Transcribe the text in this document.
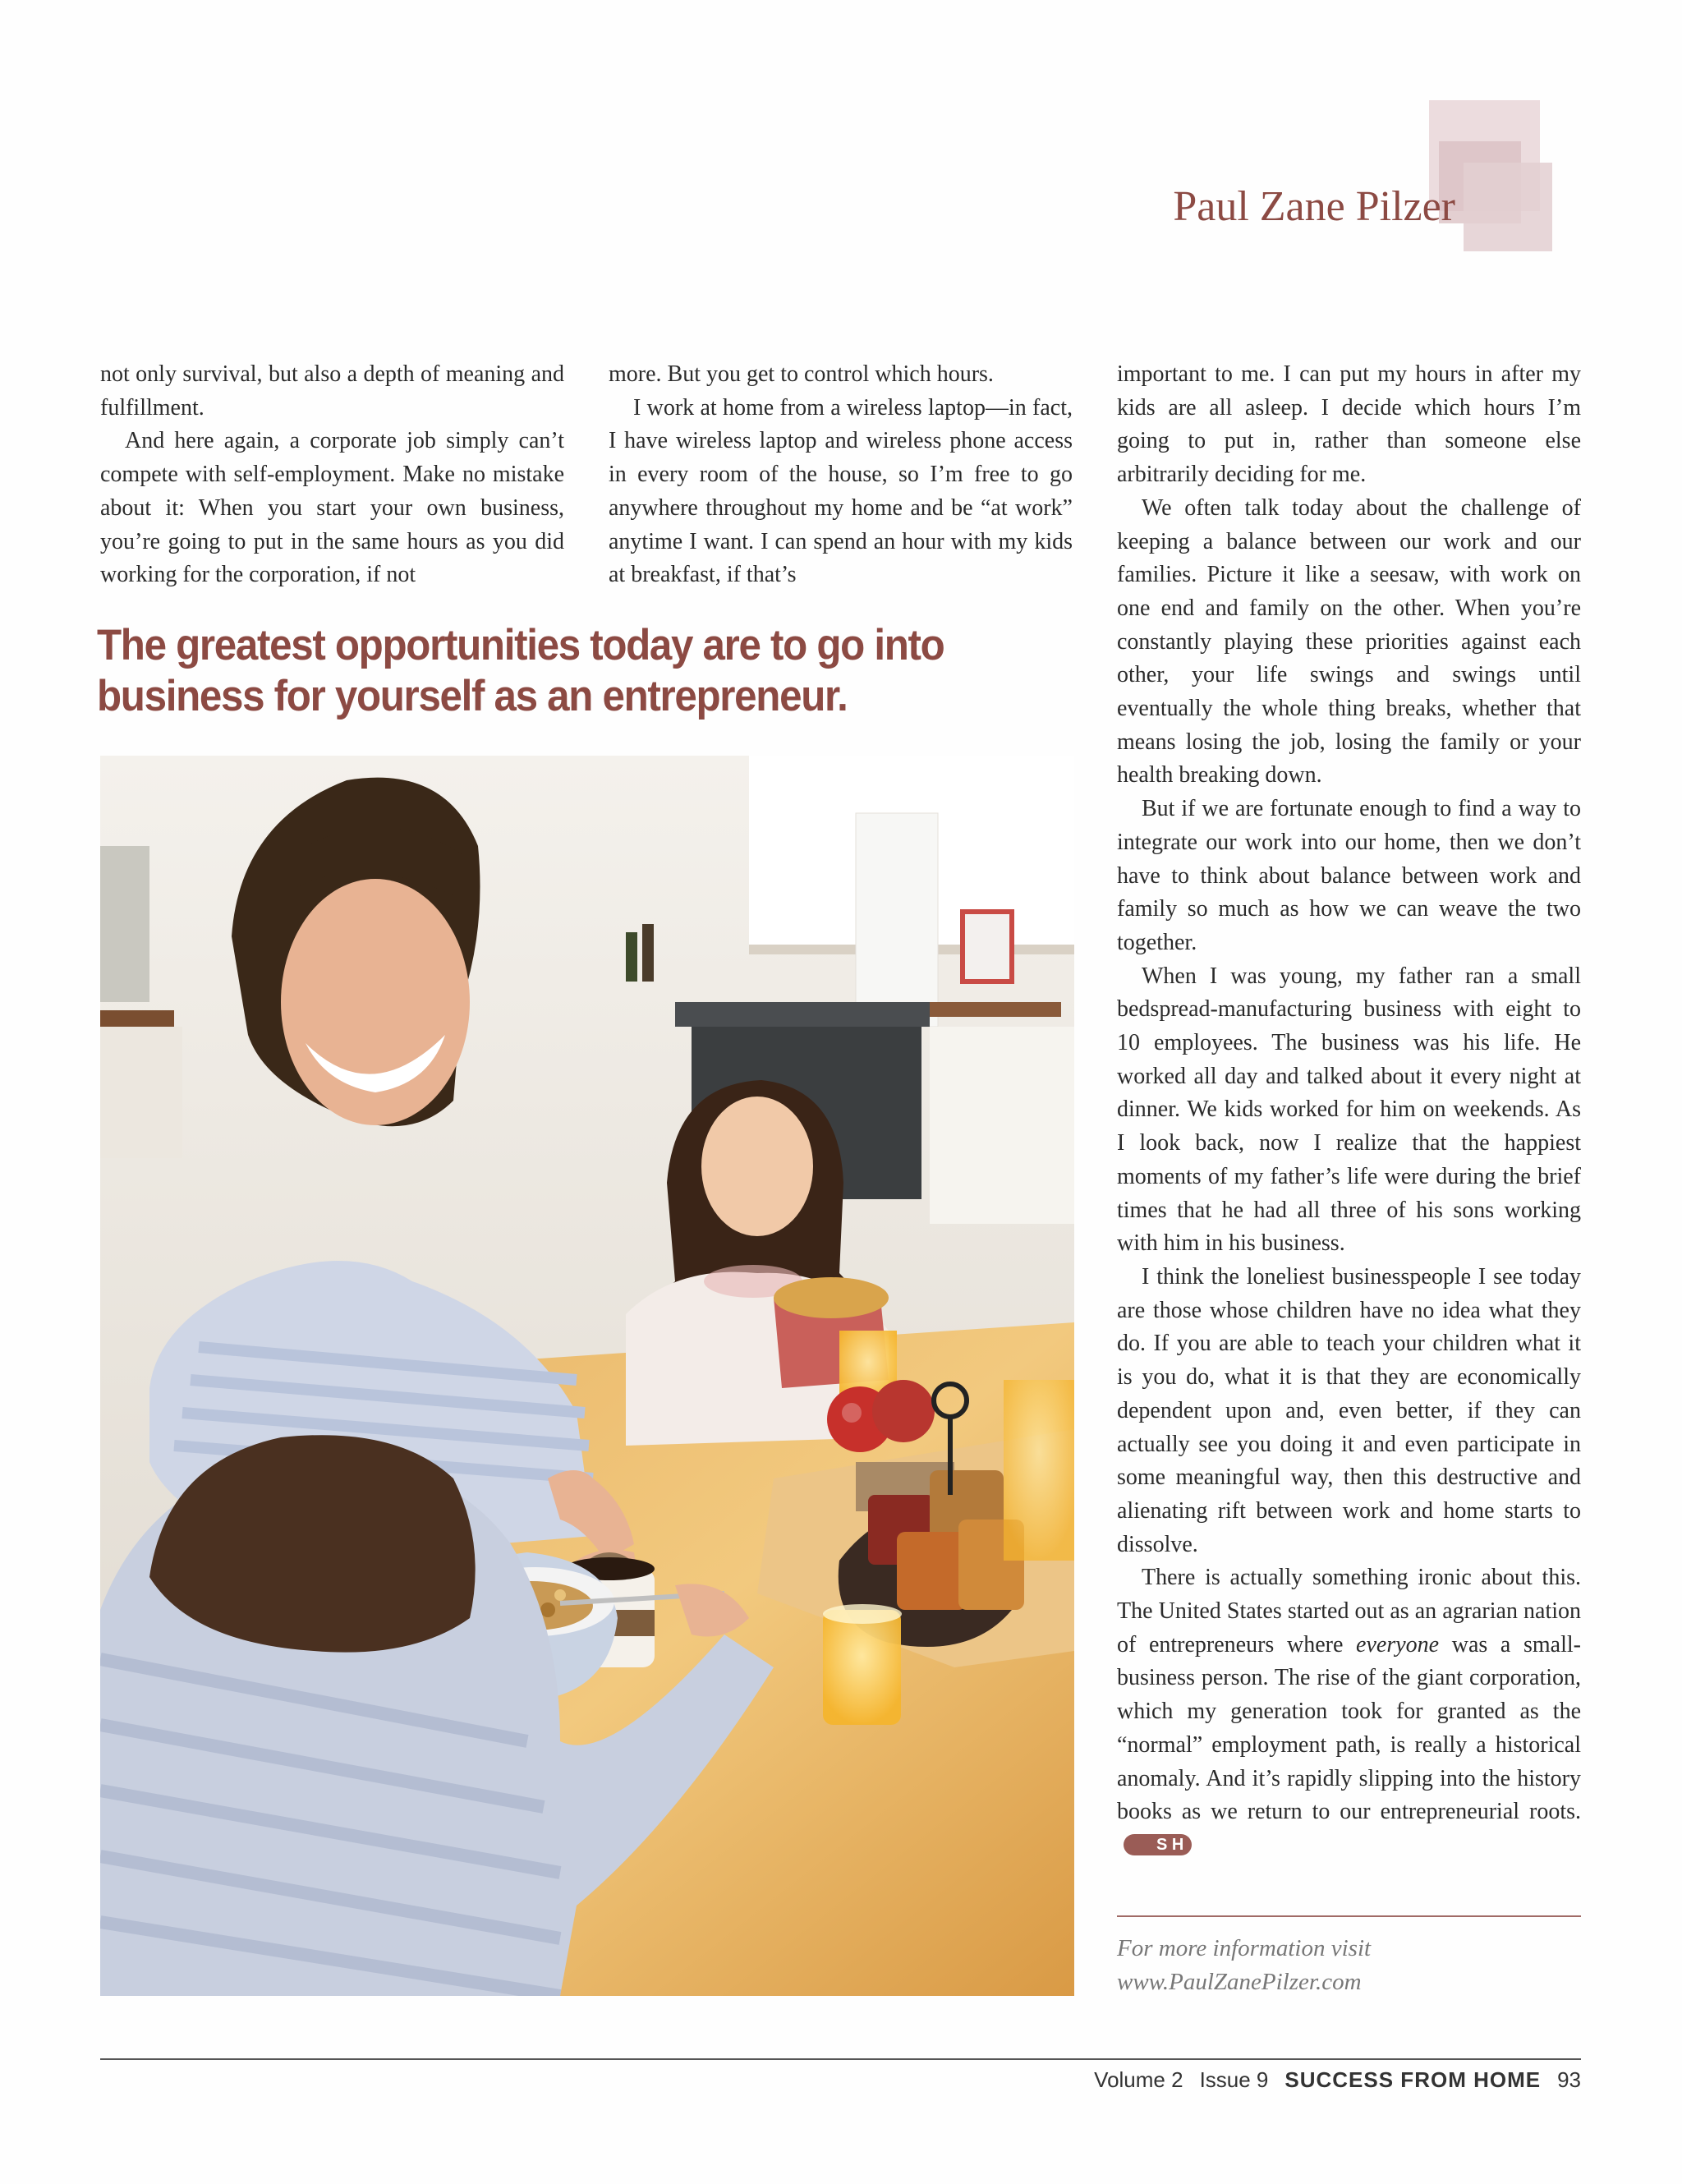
Paul Zane Pilzer

not only survival, but also a depth of meaning and fulfillment.

And here again, a corporate job simply can’t compete with self-employment. Make no mistake about it: When you start your own business, you’re going to put in the same hours as you did working for the corporation, if not

more. But you get to control which hours.

I work at home from a wireless laptop—in fact, I have wireless laptop and wireless phone access in every room of the house, so I’m free to go anywhere throughout my home and be “at work” anytime I want. I can spend an hour with my kids at breakfast, if that’s

The greatest opportunities today are to go into business for yourself as an entrepreneur.

important to me. I can put my hours in after my kids are all asleep. I decide which hours I’m going to put in, rather than someone else arbitrarily deciding for me.

We often talk today about the challenge of keeping a balance between our work and our families. Picture it like a seesaw, with work on one end and family on the other. When you’re constantly playing these priorities against each other, your life swings and swings until eventually the whole thing breaks, whether that means losing the job, losing the family or your health breaking down.

But if we are fortunate enough to find a way to integrate our work into our home, then we don’t have to think about balance between work and family so much as how we can weave the two together.

When I was young, my father ran a small bedspread-manufacturing business with eight to 10 employees. The business was his life. He worked all day and talked about it every night at dinner. We kids worked for him on weekends. As I look back, now I realize that the happiest moments of my father’s life were during the brief times that he had all three of his sons working with him in his business.

I think the loneliest businesspeople I see today are those whose children have no idea what they do. If you are able to teach your children what it is you do, what it is that they are economically dependent upon and, even better, if they can actually see you doing it and even participate in some meaningful way, then this destructive and alienating rift between work and home starts to dissolve.

There is actually something ironic about this. The United States started out as an agrarian nation of entrepreneurs where everyone was a small-business person. The rise of the giant corporation, which my generation took for granted as the “normal” employment path, is really a historical anomaly. And it’s rapidly slipping into the history books as we return to our entrepreneurial roots.S H

For more information visit
www.PaulZanePilzer.com
Volume 2 Issue 9 SUCCESS FROM HOME 93
